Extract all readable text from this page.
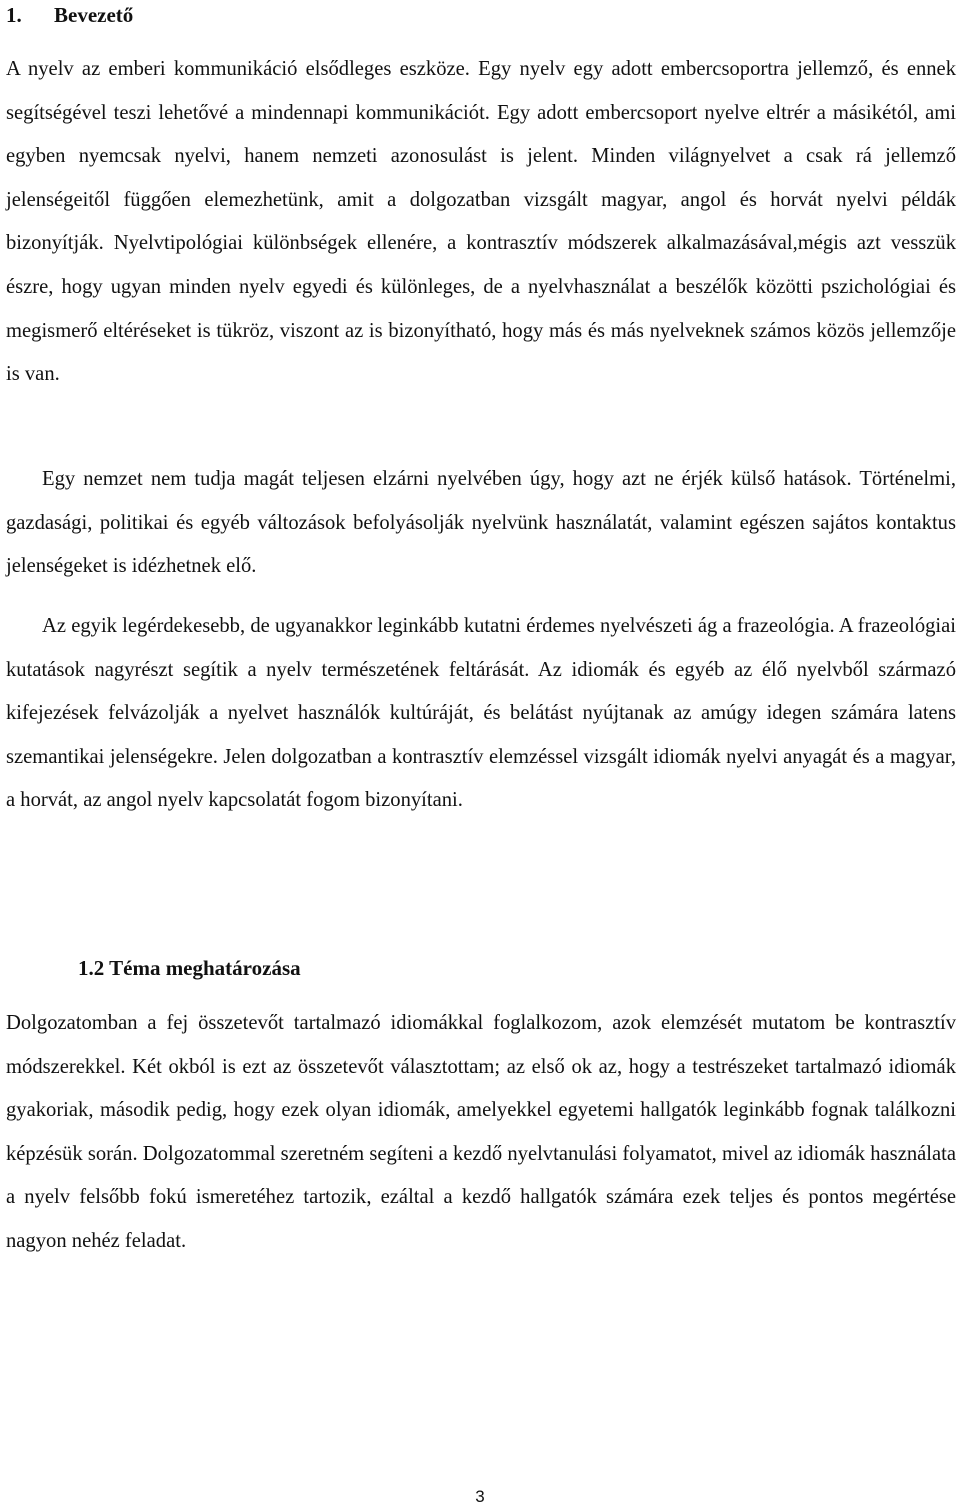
1. Bevezető

A nyelv az emberi kommunikáció elsődleges eszköze. Egy nyelv egy adott embercsoportra jellemző, és ennek segítségével teszi lehetővé a mindennapi kommunikációt. Egy adott embercsoport nyelve eltrér a másikétól, ami egyben nyemcsak nyelvi, hanem nemzeti azonosulást is jelent. Minden világnyelvet a csak rá jellemző jelenségeitől függően elemezhetünk, amit a dolgozatban vizsgált magyar, angol és horvát nyelvi példák bizonyítják. Nyelvtipológiai különbségek ellenére, a kontrasztív módszerek alkalmazásával,mégis azt vesszük észre, hogy ugyan minden nyelv egyedi és különleges, de a nyelvhasználat a beszélők közötti pszichológiai és megismerő eltéréseket is tükröz, viszont az is bizonyítható, hogy más és más nyelveknek számos közös jellemzője is van.

Egy nemzet nem tudja magát teljesen elzárni nyelvében úgy, hogy azt ne érjék külső hatások. Történelmi, gazdasági, politikai és egyéb változások befolyásolják nyelvünk használatát, valamint egészen sajátos kontaktus jelenségeket is idézhetnek elő.

Az egyik legérdekesebb, de ugyanakkor leginkább kutatni érdemes nyelvészeti ág a frazeológia. A frazeológiai kutatások nagyrészt segítik a nyelv természetének feltárását. Az idiomák és egyéb az élő nyelvből származó kifejezések felvázolják a nyelvet használók kultúráját, és belátást nyújtanak az amúgy idegen számára latens szemantikai jelenségekre. Jelen dolgozatban a kontrasztív elemzéssel vizsgált idiomák nyelvi anyagát és a magyar, a horvát, az angol nyelv kapcsolatát fogom bizonyítani.

1.2 Téma meghatározása

Dolgozatomban a fej összetevőt tartalmazó idiomákkal foglalkozom, azok elemzését mutatom be kontrasztív módszerekkel. Két okból is ezt az összetevőt választottam; az első ok az, hogy a testrészeket tartalmazó idiomák gyakoriak, második pedig, hogy ezek olyan idiomák, amelyekkel egyetemi hallgatók leginkább fognak találkozni képzésük során. Dolgozatommal szeretném segíteni a kezdő nyelvtanulási folyamatot, mivel az idiomák használata a nyelv felsőbb fokú ismeretéhez tartozik, ezáltal a kezdő hallgatók számára ezek teljes és pontos megértése nagyon nehéz feladat.

3
